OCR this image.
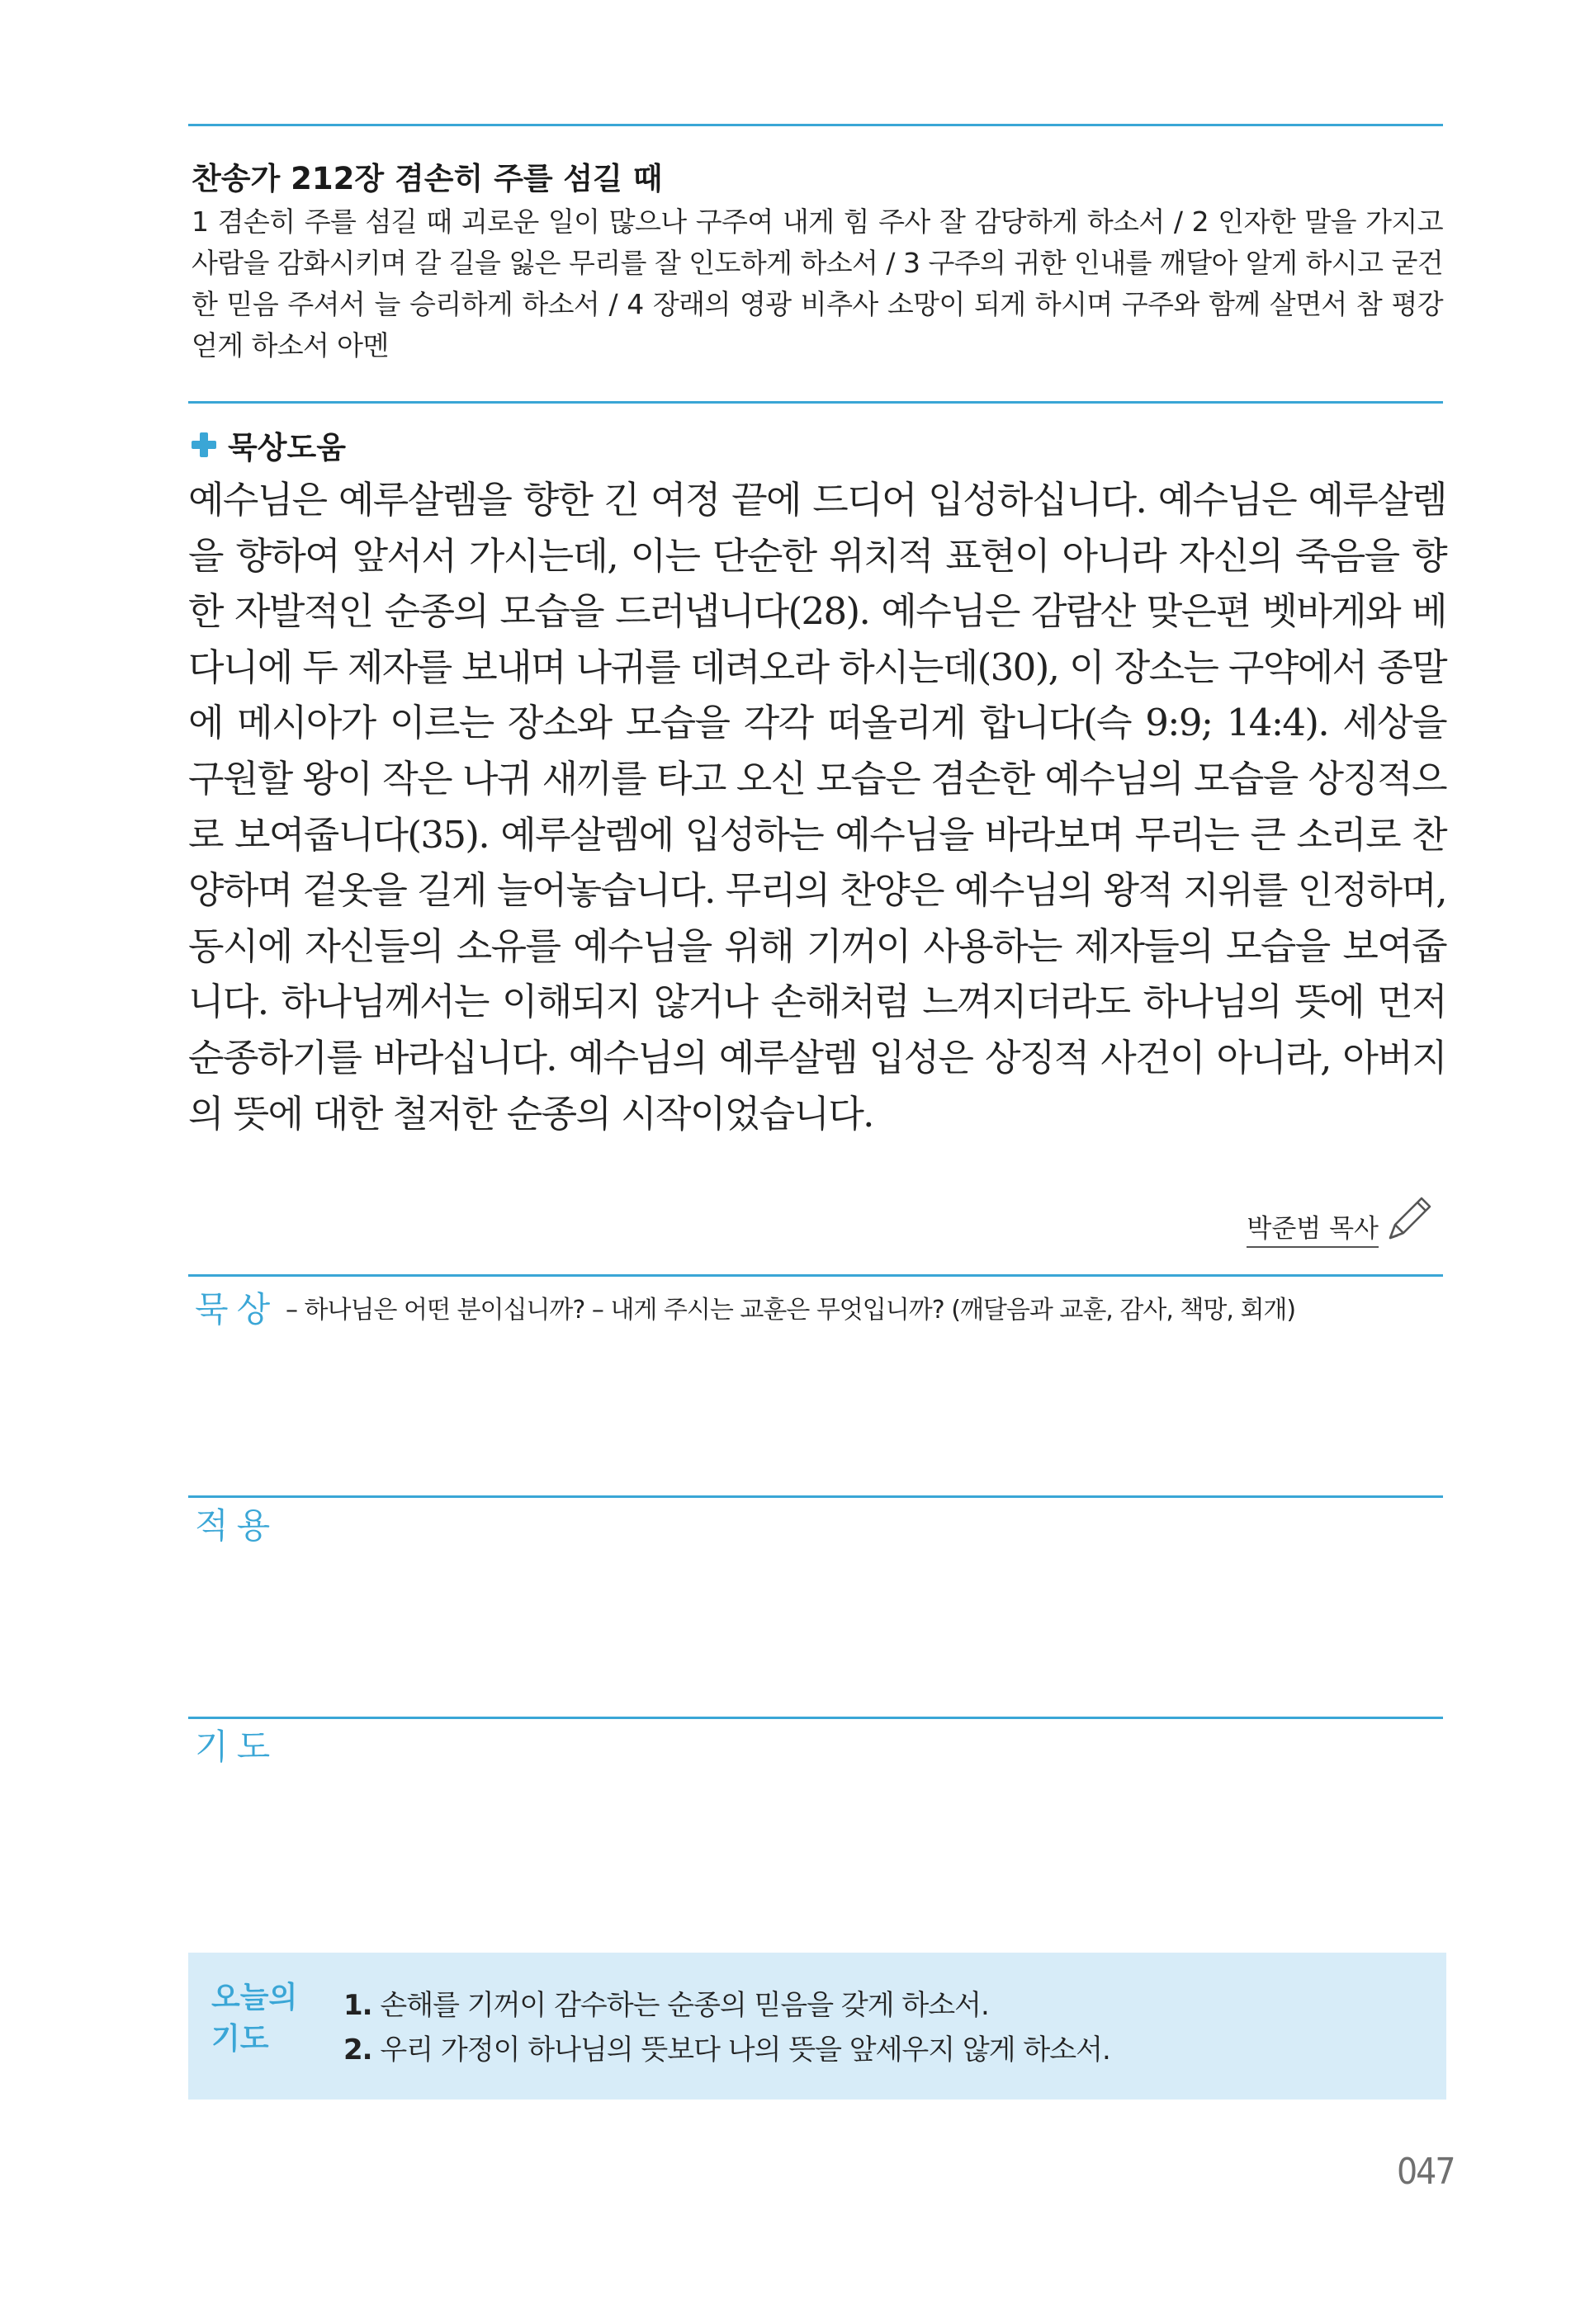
찬송가 212장 겸손히 주를 섬길 때
1 겸손히 주를 섬길 때 괴로운 일이 많으나 구주여 내게 힘 주사 잘 감당하게 하소서 / 2 인자한 말을 가지고 사람을 감화시키며 갈 길을 잃은 무리를 잘 인도하게 하소서 / 3 구주의 귀한 인내를 깨달아 알게 하시고 굳건한 믿음 주셔서 늘 승리하게 하소서 / 4 장래의 영광 비추사 소망이 되게 하시며 구주와 함께 살면서 참 평강 얻게 하소서 아멘
묵상도움
예수님은 예루살렘을 향한 긴 여정 끝에 드디어 입성하십니다. 예수님은 예루살렘을 향하여 앞서서 가시는데, 이는 단순한 위치적 표현이 아니라 자신의 죽음을 향한 자발적인 순종의 모습을 드러냅니다(28). 예수님은 감람산 맞은편 벳바게와 베다니에 두 제자를 보내며 나귀를 데려오라 하시는데(30), 이 장소는 구약에서 종말에 메시아가 이르는 장소와 모습을 각각 떠올리게 합니다(슥 9:9; 14:4). 세상을 구원할 왕이 작은 나귀 새끼를 타고 오신 모습은 겸손한 예수님의 모습을 상징적으로 보여줍니다(35). 예루살렘에 입성하는 예수님을 바라보며 무리는 큰 소리로 찬양하며 겉옷을 길게 늘어놓습니다. 무리의 찬양은 예수님의 왕적 지위를 인정하며, 동시에 자신들의 소유를 예수님을 위해 기꺼이 사용하는 제자들의 모습을 보여줍니다. 하나님께서는 이해되지 않거나 손해처럼 느껴지더라도 하나님의 뜻에 먼저 순종하기를 바라십니다. 예수님의 예루살렘 입성은 상징적 사건이 아니라, 아버지의 뜻에 대한 철저한 순종의 시작이었습니다.
박준범 목사
묵상 – 하나님은 어떤 분이십니까? – 내게 주시는 교훈은 무엇입니까? (깨달음과 교훈, 감사, 책망, 회개)
적용
기도
오늘의 기도
1. 손해를 기꺼이 감수하는 순종의 믿음을 갖게 하소서.
2. 우리 가정이 하나님의 뜻보다 나의 뜻을 앞세우지 않게 하소서.
047
